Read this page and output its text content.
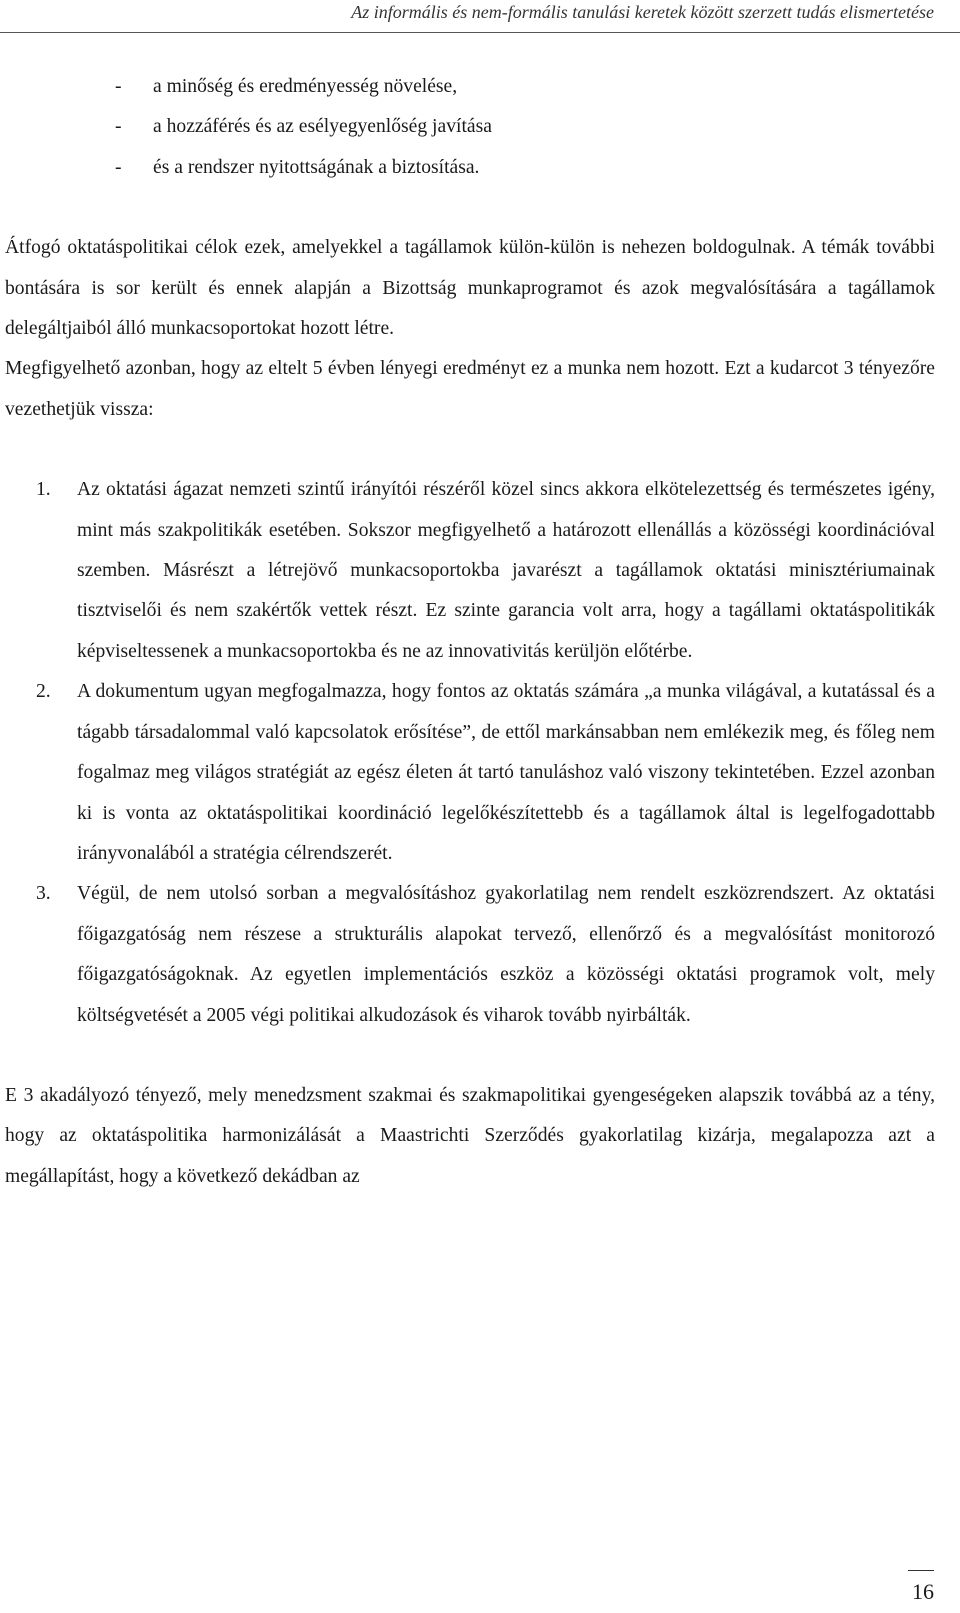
Az informális és nem-formális tanulási keretek között szerzett tudás elismertetése
- a minőség és eredményesség növelése,
- a hozzáférés és az esélyegyenlőség javítása
- és a rendszer nyitottságának a biztosítása.

Átfogó oktatáspolitikai célok ezek, amelyekkel a tagállamok külön-külön is nehezen boldogulnak. A témák további bontására is sor került és ennek alapján a Bizottság munkaprogramot és azok megvalósítására a tagállamok delegáltjaiból álló munkacsoportokat hozott létre.

Megfigyelhető azonban, hogy az eltelt 5 évben lényegi eredményt ez a munka nem hozott. Ezt a kudarcot 3 tényezőre vezethetjük vissza:

1. Az oktatási ágazat nemzeti szintű irányítói részéről közel sincs akkora elkötelezettség és természetes igény, mint más szakpolitikák esetében. Sokszor megfigyelhető a határozott ellenállás a közösségi koordinációval szemben. Másrészt a létrejövő munkacsoportokba javarészt a tagállamok oktatási minisztériumainak tisztviselői és nem szakértők vettek részt. Ez szinte garancia volt arra, hogy a tagállami oktatáspolitikák képviseltessenek a munkacsoportokba és ne az innovativitás kerüljön előtérbe.
2. A dokumentum ugyan megfogalmazza, hogy fontos az oktatás számára „a munka világával, a kutatással és a tágabb társadalommal való kapcsolatok erősítése”, de ettől markánsabban nem emlékezik meg, és főleg nem fogalmaz meg világos stratégiát az egész életen át tartó tanuláshoz való viszony tekintetében. Ezzel azonban ki is vonta az oktatáspolitikai koordináció legelőkészítettebb és a tagállamok által is legelfogadottabb irányvonalából a stratégia célrendszerét.
3. Végül, de nem utolsó sorban a megvalósításhoz gyakorlatilag nem rendelt eszközrendszert. Az oktatási főigazgatóság nem részese a strukturális alapokat tervező, ellenőrző és a megvalósítást monitorozó főigazgatóságoknak. Az egyetlen implementációs eszköz a közösségi oktatási programok volt, mely költségvetését a 2005 végi politikai alkudozások és viharok tovább nyirbálták.

E 3 akadályozó tényező, mely menedzsment szakmai és szakmapolitikai gyengeségeken alapszik továbbá az a tény, hogy az oktatáspolitika harmonizálását a Maastrichti Szerződés gyakorlatilag kizárja, megalapozza azt a megállapítást, hogy a következő dekádban az

16
